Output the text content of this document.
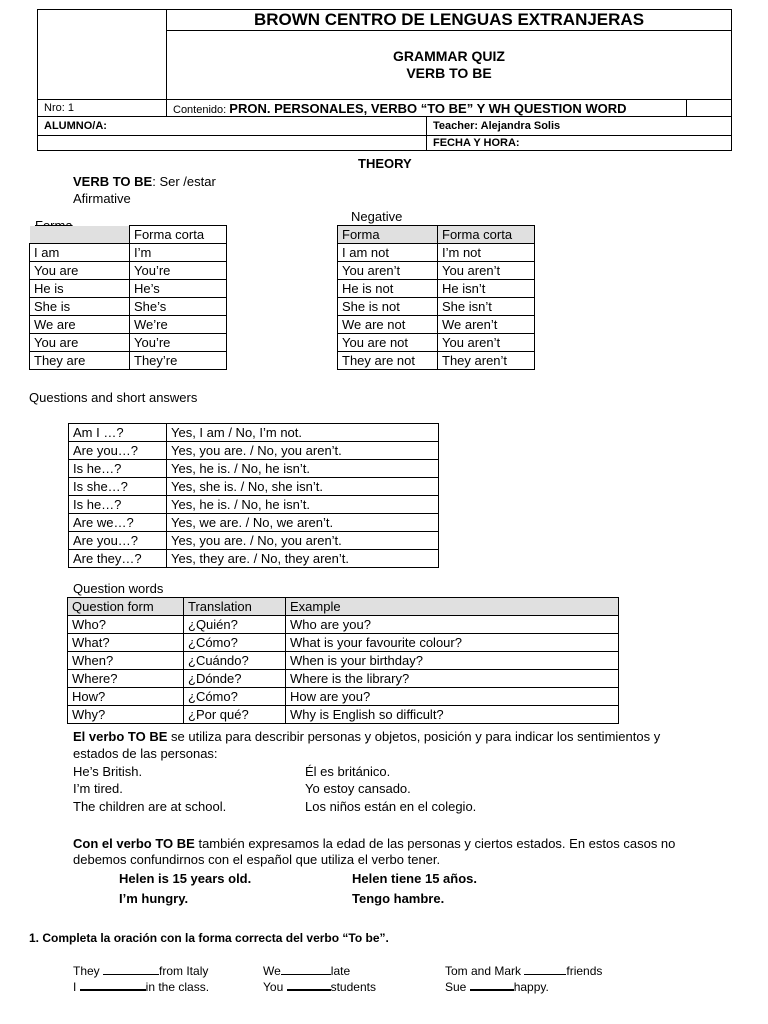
	BROWN CENTRO DE LENGUAS EXTRANJERAS		

	GRAMMAR QUIZ
VERB TO BE		

Nro: 1	Contenido: PRON. PERSONALES, VERBO “TO BE” Y WH QUESTION WORD		
ALUMNO/A:		Teacher: Alejandra Solis	
		FECHA Y HORA:	
THEORY
VERB TO BE: Ser /estar
Afirmative
Negative
	Forma corta
I am	I’m
You are	You’re
He is	He’s
She is	She’s
We are	We’re
You are	You’re
They are	They’re
Forma	Forma corta
I am not	I’m not
You aren’t	You aren’t
He is not	He isn’t
She is not	She isn’t
We are not	We aren’t
You are not	You aren’t
They are not	They aren’t
Questions and short answers
Am I …?	Yes, I am / No, I’m not.
Are you…?	Yes, you are. / No, you aren’t.
Is he…?	Yes, he is. / No, he isn’t.
Is she…?	Yes, she is. / No, she isn’t.
Is he…?	Yes, he is. / No, he isn’t.
Are we…?	Yes, we are. / No, we aren’t.
Are you…?	Yes, you are. / No, you aren’t.
Are they…?	Yes, they are. / No, they aren’t.
Question words
Question form	Translation	Example
Who?	¿Quién?	Who are you?
What?	¿Cómo?	What is your favourite colour?
When?	¿Cuándo?	When is your birthday?
Where?	¿Dónde?	Where is the library?
How?	¿Cómo?	How are you?
Why?	¿Por qué?	Why is English so difficult?
El verbo TO BE se utiliza para describir personas y objetos, posición y para indicar los sentimientos y
estados de las personas:
He’s British.	Él es británico.
I’m tired.	Yo estoy cansado.
The children are at school.	Los niños están en el colegio.
Con el verbo TO BE también expresamos la edad de las personas y ciertos estados. En estos casos no
debemos confundirnos con el español que utiliza el verbo tener.
Helen is 15 years old.	Helen tiene 15 años.
I’m hungry.	Tengo hambre.
1. Completa la oración con la forma correcta del verbo “To be”.
They	from Italy	We	late	Tom and Mark	friends
I	in the class.	You	students	Sue	happy.
